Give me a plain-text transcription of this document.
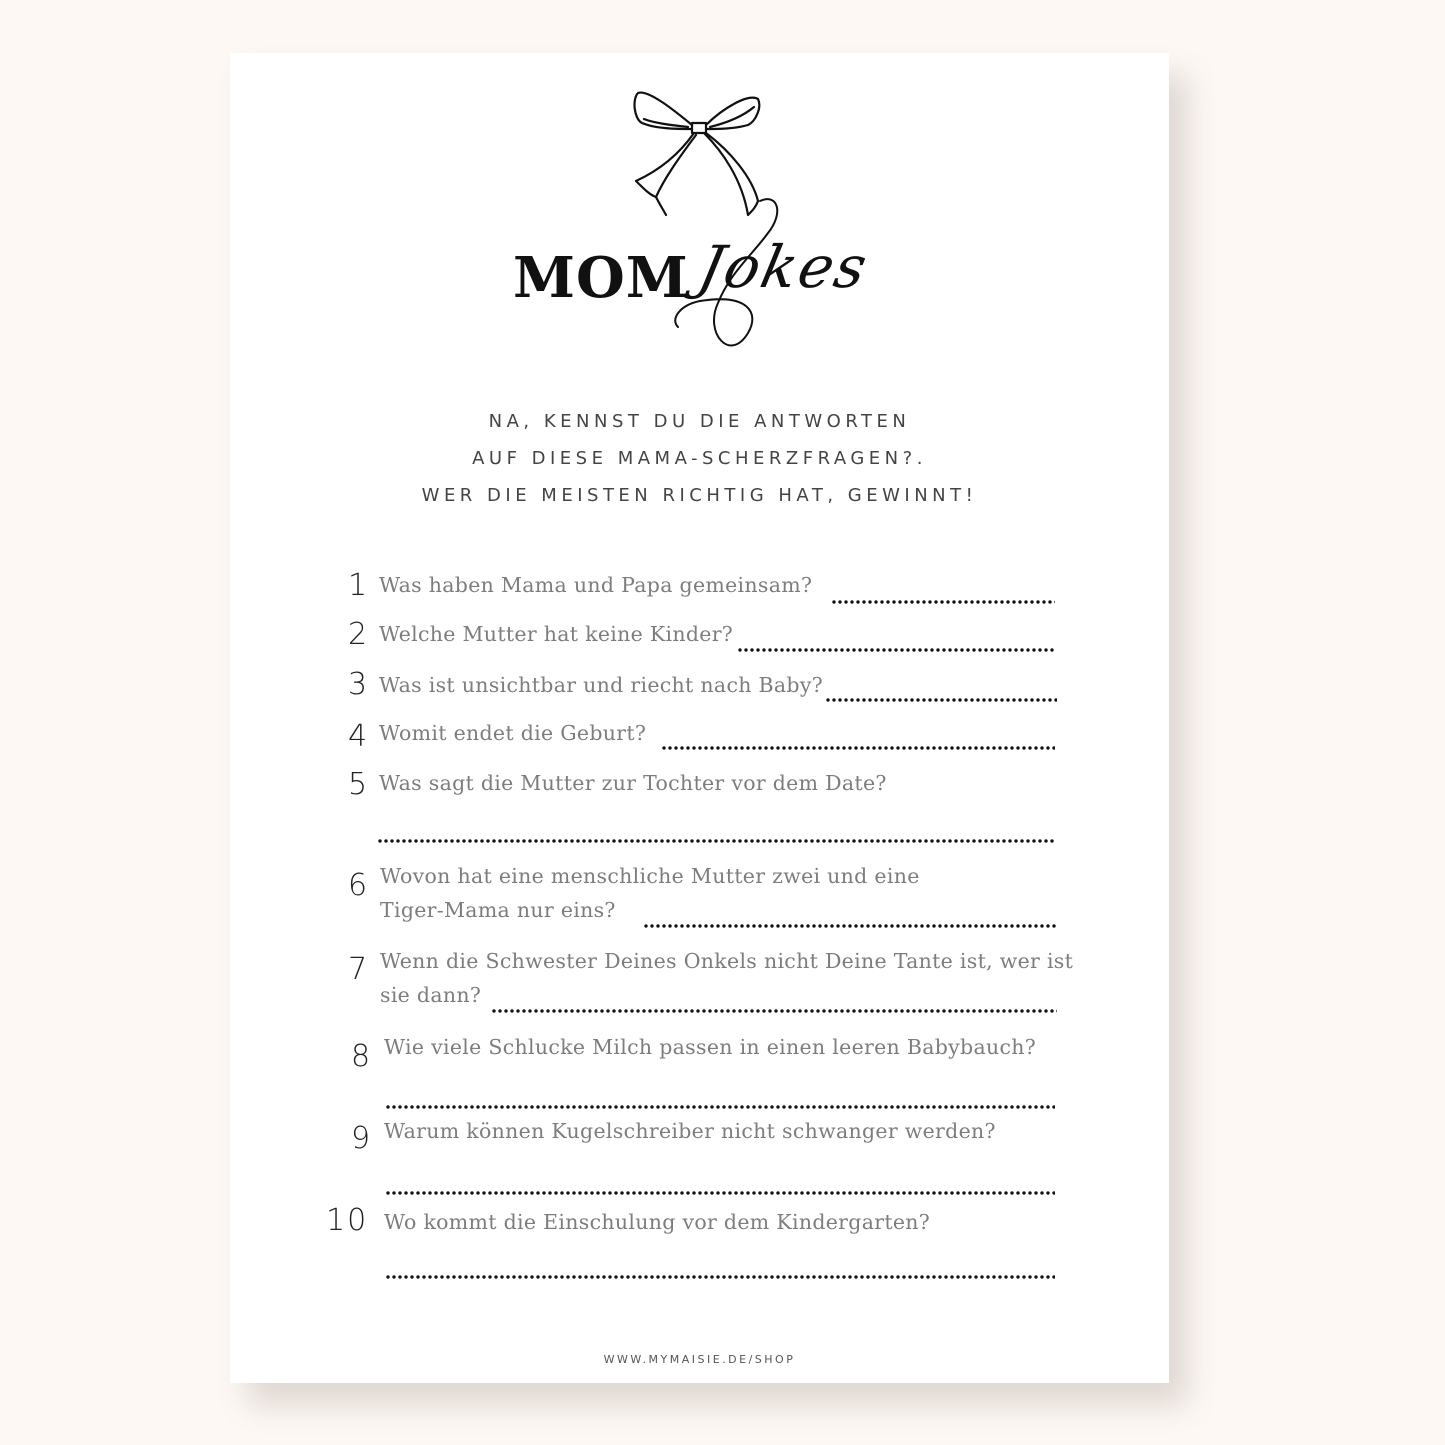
MOM Jokes
NA, KENNST DU DIE ANTWORTEN
AUF DIESE MAMA-SCHERZFRAGEN?.
WER DIE MEISTEN RICHTIG HAT, GEWINNT!
1 Was haben Mama und Papa gemeinsam?
2 Welche Mutter hat keine Kinder?
3 Was ist unsichtbar und riecht nach Baby?
4 Womit endet die Geburt?
5 Was sagt die Mutter zur Tochter vor dem Date?
6 Wovon hat eine menschliche Mutter zwei und eine
Tiger-Mama nur eins?
7 Wenn die Schwester Deines Onkels nicht Deine Tante ist, wer ist
sie dann?
8 Wie viele Schlucke Milch passen in einen leeren Babybauch?
9 Warum können Kugelschreiber nicht schwanger werden?
10 Wo kommt die Einschulung vor dem Kindergarten?
WWW.MYMAISIE.DE/SHOP
